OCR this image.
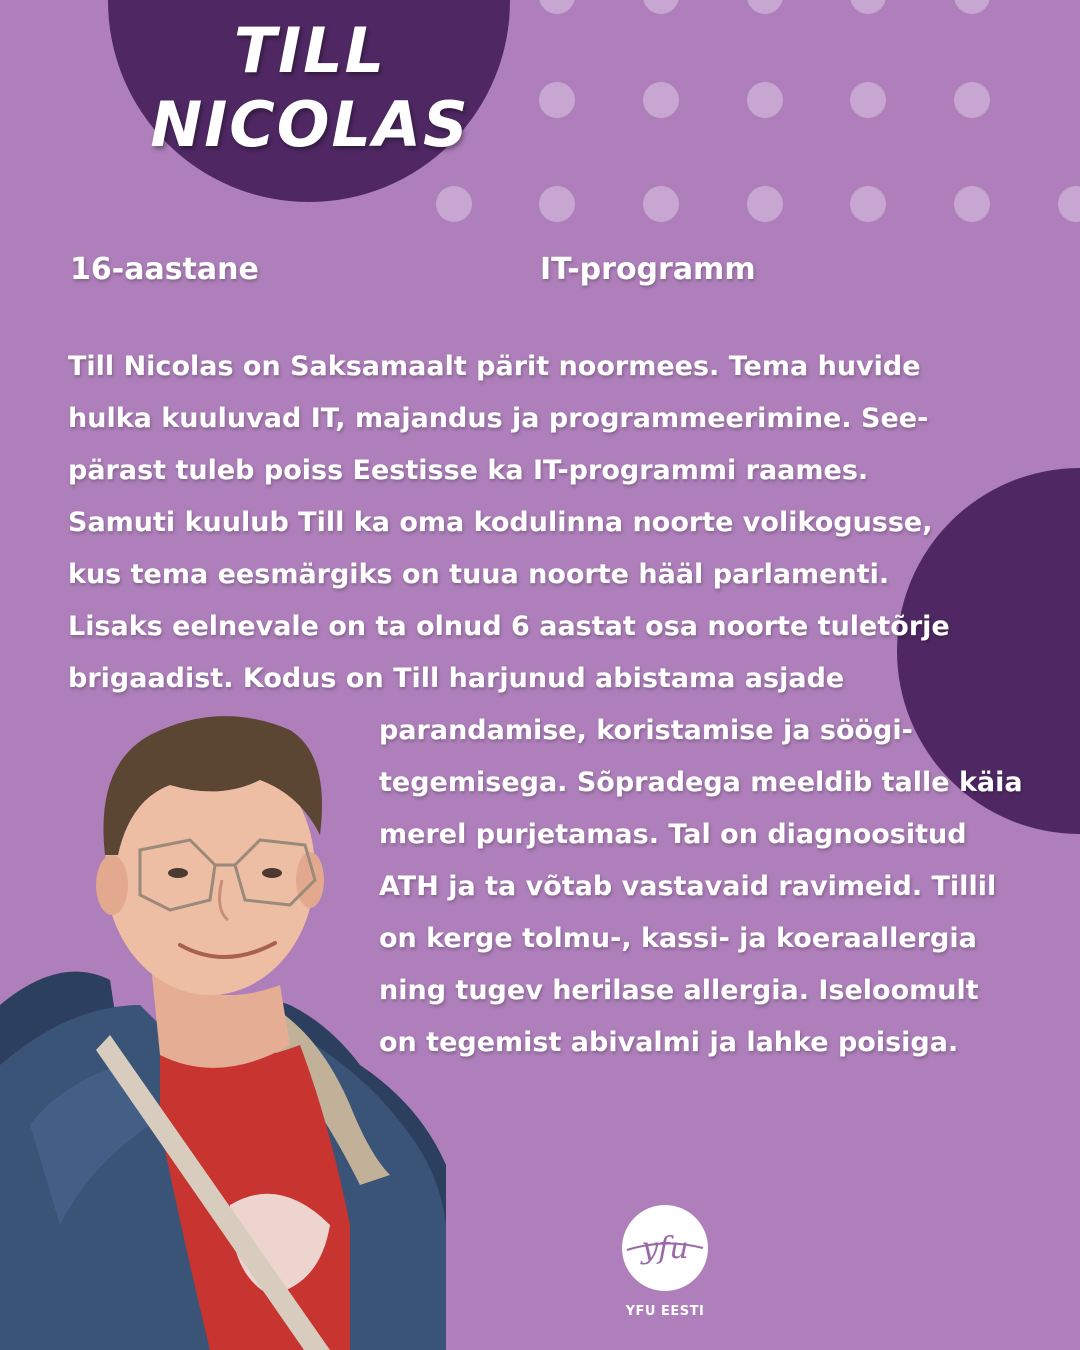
TILL
NICOLAS
16-aastane	IT-programm
Till Nicolas on Saksamaalt pärit noormees. Tema huvide
hulka kuuluvad IT, majandus ja programmeerimine. See-
pärast tuleb poiss Eestisse ka IT-programmi raames.
Samuti kuulub Till ka oma kodulinna noorte volikogusse,
kus tema eesmärgiks on tuua noorte hääl parlamenti.
Lisaks eelnevale on ta olnud 6 aastat osa noorte tuletõrje
brigaadist. Kodus on Till harjunud abistama asjade
parandamise, koristamise ja söögi-
tegemisega. Sõpradega meeldib talle käia
merel purjetamas. Tal on diagnoositud
ATH ja ta võtab vastavaid ravimeid. Tillil
on kerge tolmu-, kassi- ja koeraallergia
ning tugev herilase allergia. Iseloomult
on tegemist abivalmi ja lahke poisiga.
yfu
YFU EESTI
